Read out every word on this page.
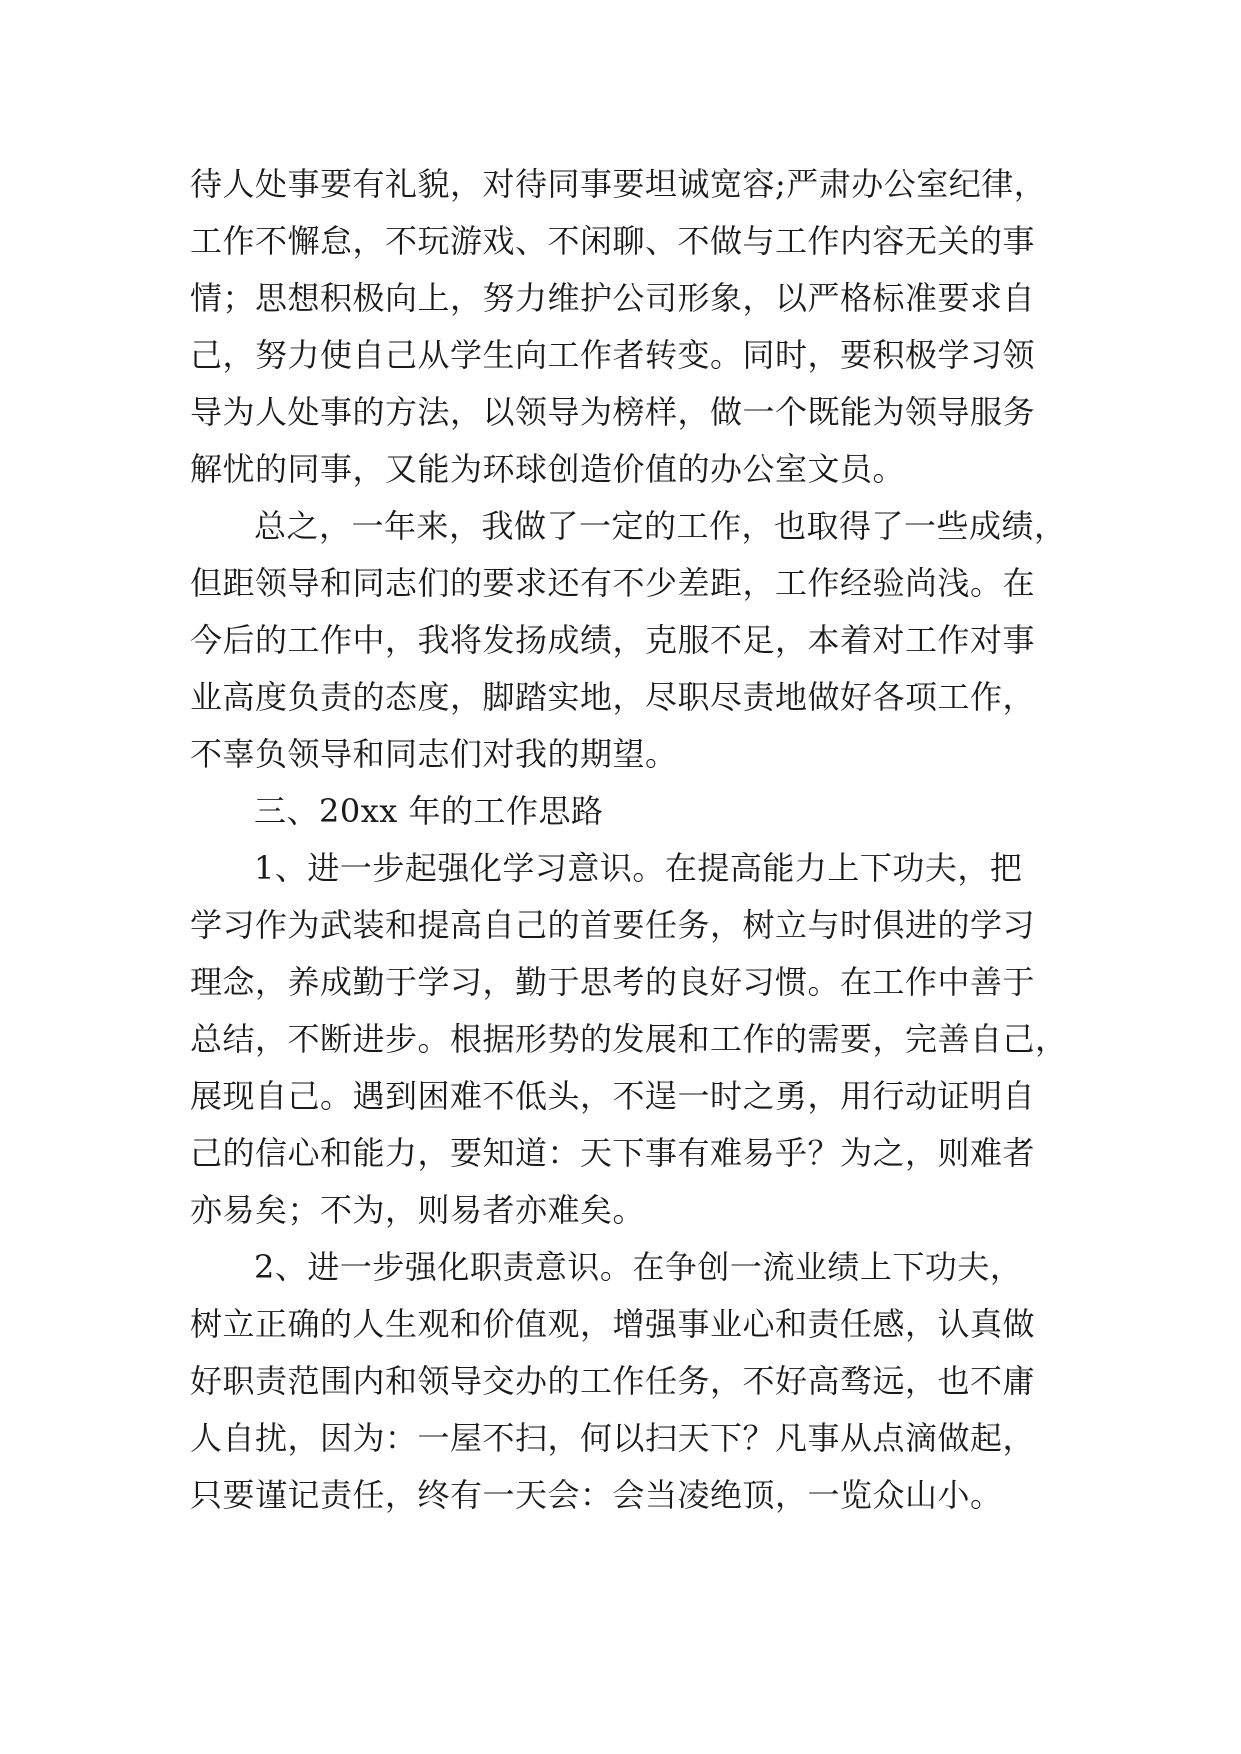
待人处事要有礼貌，对待同事要坦诚宽容;严肃办公室纪律，
工作不懈怠，不玩游戏、不闲聊、不做与工作内容无关的事
情；思想积极向上，努力维护公司形象，以严格标准要求自
己，努力使自己从学生向工作者转变。同时，要积极学习领
导为人处事的方法，以领导为榜样，做一个既能为领导服务
解忧的同事，又能为环球创造价值的办公室文员。
总之，一年来，我做了一定的工作，也取得了一些成绩，
但距领导和同志们的要求还有不少差距，工作经验尚浅。在
今后的工作中，我将发扬成绩，克服不足，本着对工作对事
业高度负责的态度，脚踏实地，尽职尽责地做好各项工作，
不辜负领导和同志们对我的期望。
三、20xx 年的工作思路
1、进一步起强化学习意识。在提高能力上下功夫，把
学习作为武装和提高自己的首要任务，树立与时俱进的学习
理念，养成勤于学习，勤于思考的良好习惯。在工作中善于
总结，不断进步。根据形势的发展和工作的需要，完善自己，
展现自己。遇到困难不低头，不逞一时之勇，用行动证明自
己的信心和能力，要知道：天下事有难易乎？为之，则难者
亦易矣；不为，则易者亦难矣。
2、进一步强化职责意识。在争创一流业绩上下功夫，
树立正确的人生观和价值观，增强事业心和责任感，认真做
好职责范围内和领导交办的工作任务，不好高骛远，也不庸
人自扰，因为：一屋不扫，何以扫天下？凡事从点滴做起，
只要谨记责任，终有一天会：会当凌绝顶，一览众山小。
